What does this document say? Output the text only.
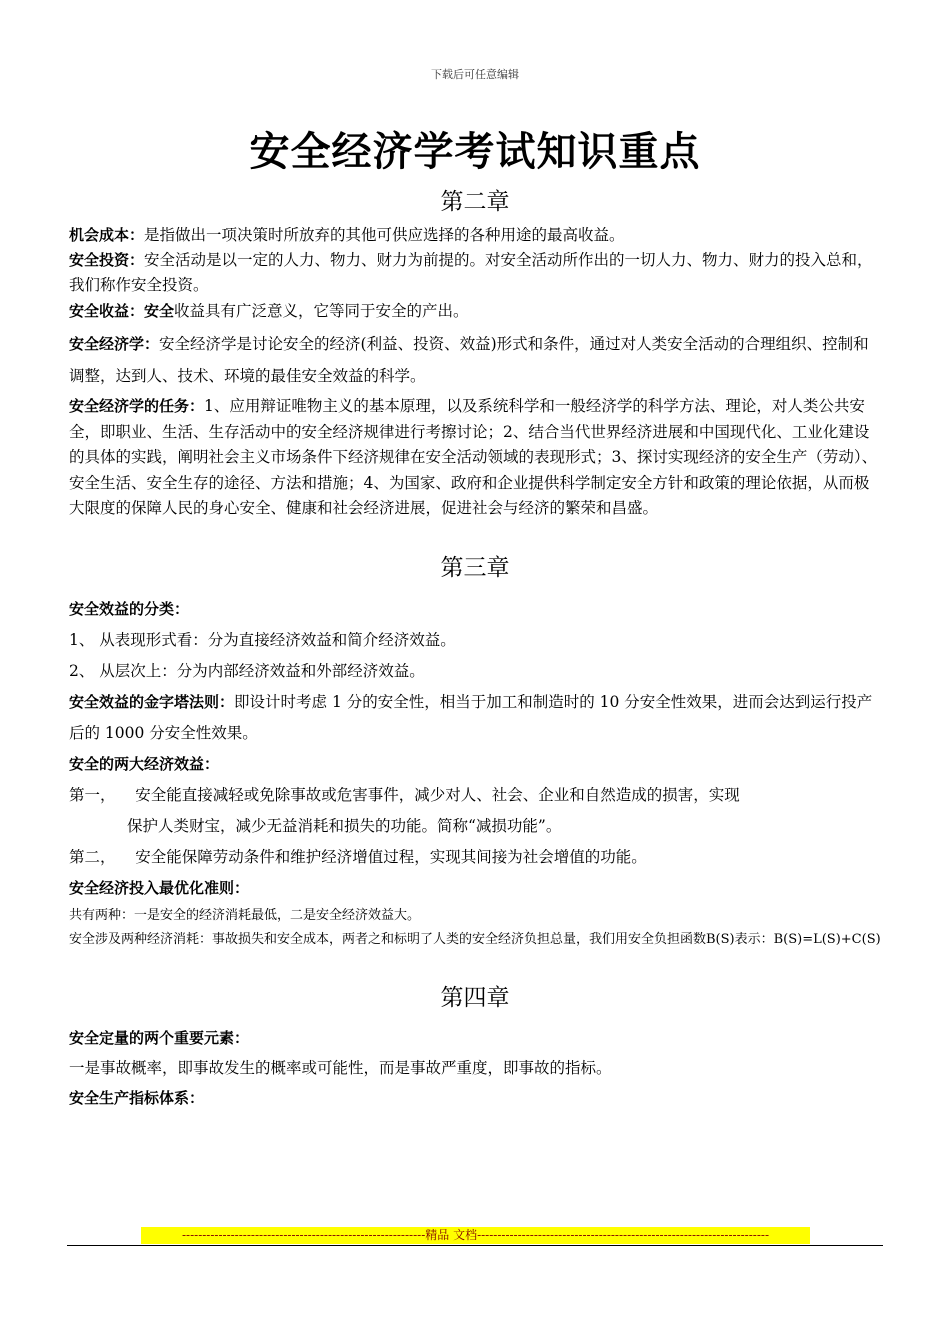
下载后可任意编辑
安全经济学考试知识重点
第二章

机会成本：是指做出一项决策时所放弃的其他可供应选择的各种用途的最高收益。

安全投资：安全活动是以一定的人力、物力、财力为前提的。对安全活动所作出的一切人力、物力、财力的投入总和，我们称作安全投资。

安全收益：安全收益具有广泛意义，它等同于安全的产出。

安全经济学：安全经济学是讨论安全的经济(利益、投资、效益)形式和条件，通过对人类安全活动的合理组织、控制和调整，达到人、技术、环境的最佳安全效益的科学。

安全经济学的任务：1、应用辩证唯物主义的基本原理，以及系统科学和一般经济学的科学方法、理论，对人类公共安全，即职业、生活、生存活动中的安全经济规律进行考擦讨论；2、结合当代世界经济进展和中国现代化、工业化建设的具体的实践，阐明社会主义市场条件下经济规律在安全活动领域的表现形式；3、探讨实现经济的安全生产（劳动）、安全生活、安全生存的途径、方法和措施；4、为国家、政府和企业提供科学制定安全方针和政策的理论依据，从而极大限度的保障人民的身心安全、健康和社会经济进展，促进社会与经济的繁荣和昌盛。

第三章

安全效益的分类：

1、 从表现形式看：分为直接经济效益和简介经济效益。

2、 从层次上：分为内部经济效益和外部经济效益。

安全效益的金字塔法则：即设计时考虑 1 分的安全性，相当于加工和制造时的 10 分安全性效果，进而会达到运行投产后的 1000 分安全性效果。

安全的两大经济效益：

第一， 安全能直接减轻或免除事故或危害事件，减少对人、社会、企业和自然造成的损害，实现

保护人类财宝，减少无益消耗和损失的功能。简称“减损功能”。

第二， 安全能保障劳动条件和维护经济增值过程，实现其间接为社会增值的功能。

安全经济投入最优化准则：

共有两种：一是安全的经济消耗最低，二是安全经济效益大。

安全涉及两种经济消耗：事故损失和安全成本，两者之和标明了人类的安全经济负担总量，我们用安全负担函数B(S)表示：B(S)=L(S)+C(S)

第四章

安全定量的两个重要元素：

一是事故概率，即事故发生的概率或可能性，而是事故严重度，即事故的指标。

安全生产指标体系：

------------------------------------------------------------精品 文档------------------------------------------------------------------------
